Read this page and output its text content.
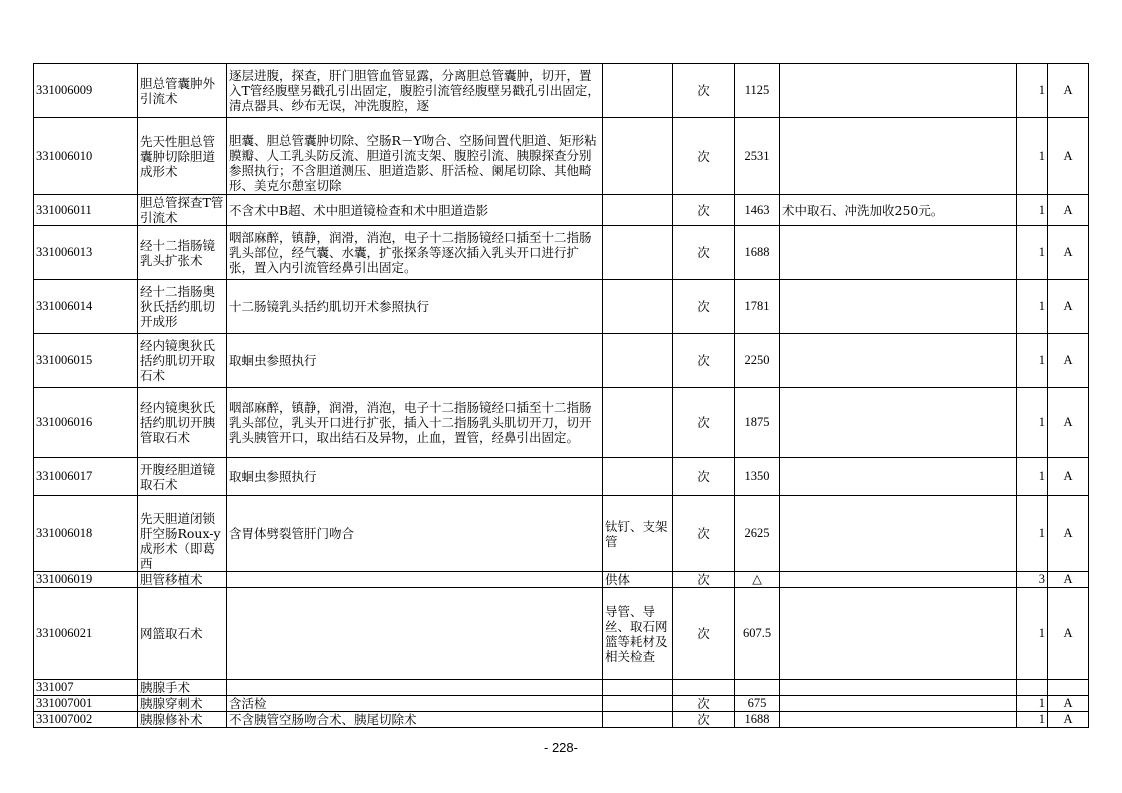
331006009	胆总管囊肿外引流术	逐层进腹，探查，肝门胆管血管显露，分离胆总管囊肿，切开，置入T管经腹壁另戳孔引出固定，腹腔引流管经腹壁另戳孔引出固定，清点器具、纱布无误，冲洗腹腔，逐		次	1125		1	A

331006010	先天性胆总管囊肿切除胆道成形术	胆囊、胆总管囊肿切除、空肠R－Y吻合、空肠间置代胆道、矩形粘膜瓣、人工乳头防反流、胆道引流支架、腹腔引流、胰腺探查分别参照执行；不含胆道测压、胆道造影、肝活检、阑尾切除、其他畸形、美克尔憩室切除		次	2531		1	A

331006011	胆总管探查T管引流术	不含术中B超、术中胆道镜检查和术中胆道造影		次	1463	术中取石、冲洗加收250元。	1	A

331006013	经十二指肠镜乳头扩张术	咽部麻醉，镇静，润滑，消泡，电子十二指肠镜经口插至十二指肠乳头部位，经气囊、水囊，扩张探条等逐次插入乳头开口进行扩张，置入内引流管经鼻引出固定。		次	1688		1	A

331006014	经十二指肠奥狄氏括约肌切开成形	十二肠镜乳头括约肌切开术参照执行		次	1781		1	A

331006015	经内镜奥狄氏括约肌切开取石术	取蛔虫参照执行		次	2250		1	A

331006016	经内镜奥狄氏括约肌切开胰管取石术	咽部麻醉，镇静，润滑，消泡，电子十二指肠镜经口插至十二指肠乳头部位，乳头开口进行扩张，插入十二指肠乳头肌切开刀，切开乳头胰管开口，取出结石及异物，止血，置管，经鼻引出固定。		次	1875		1	A

331006017	开腹经胆道镜取石术	取蛔虫参照执行		次	1350		1	A

331006018	先天胆道闭锁肝空肠Roux-y成形术（即葛西	含胃体劈裂管肝门吻合	钛钉、支架管	次	2625		1	A

331006019	胆管移植术		供体	次	△		3	A

331006021	网篮取石术		导管、导丝、取石网篮等耗材及相关检查	次	607.5		1	A

331007	胰腺手术							

331007001	胰腺穿刺术	含活检		次	675		1	A

331007002	胰腺修补术	不含胰管空肠吻合术、胰尾切除术		次	1688		1	A
- 228-
